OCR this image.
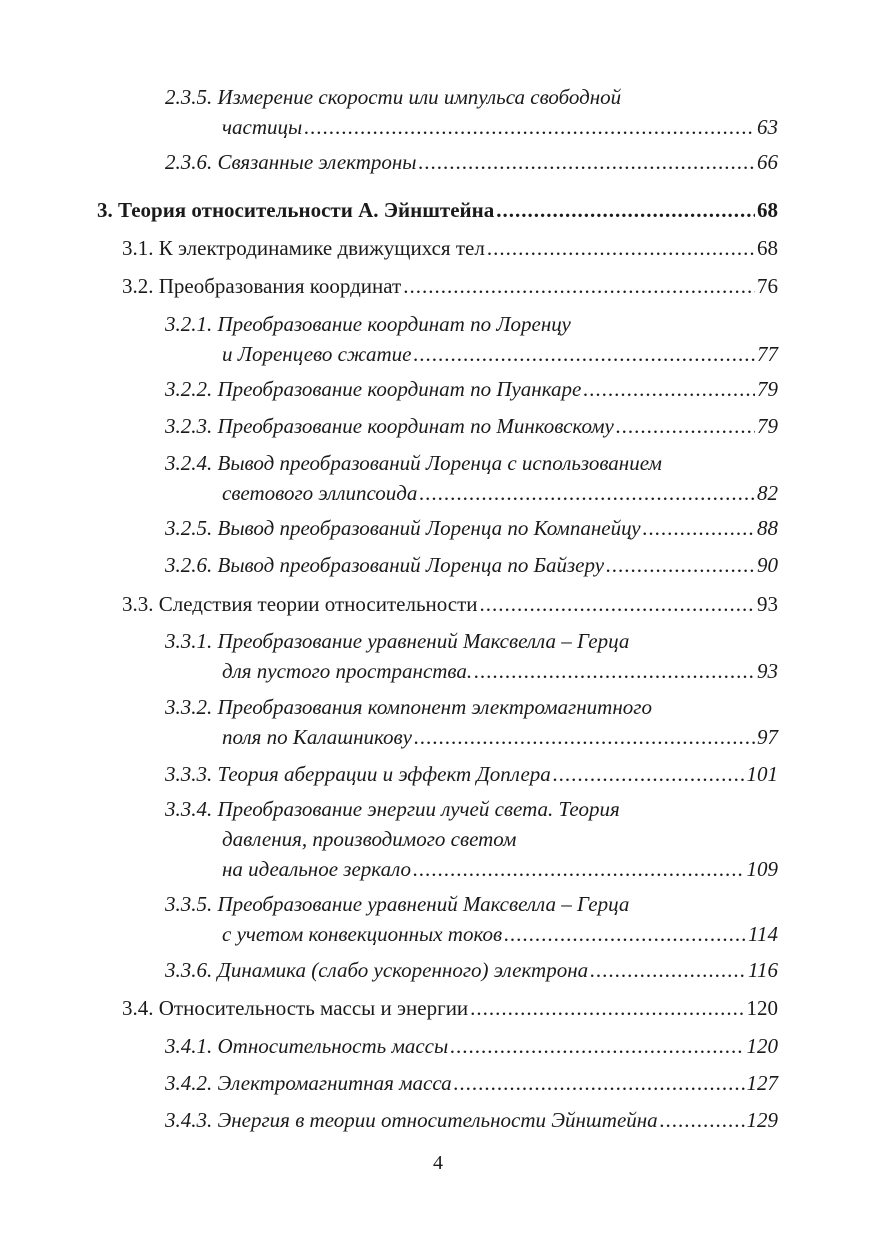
2.3.5. Измерение скорости или импульса свободной
частицы .....	63
2.3.6. Связанные электроны .....	66
3. Теория относительности А. Эйнштейна .....	68
3.1. К электродинамике движущихся тел .....	68
3.2. Преобразования координат .....	76
3.2.1. Преобразование координат по Лоренцу
и Лоренцево сжатие .....	77
3.2.2. Преобразование координат по Пуанкаре .....	79
3.2.3. Преобразование координат по Минковскому .....	79
3.2.4. Вывод преобразований Лоренца с использованием
светового эллипсоида .....	82
3.2.5. Вывод преобразований Лоренца по Компанейцу .....	88
3.2.6. Вывод преобразований Лоренца по Байзеру .....	90
3.3. Следствия теории относительности .....	93
3.3.1. Преобразование уравнений Максвелла – Герца
для пустого пространства. .....	93
3.3.2. Преобразования компонент электромагнитного
поля по Калашникову .....	97
3.3.3. Теория аберрации и эффект Доплера .....	101
3.3.4. Преобразование энергии лучей света. Теория
давления, производимого светом
на идеальное зеркало .....	109
3.3.5. Преобразование уравнений Максвелла – Герца
с учетом конвекционных токов .....	114
3.3.6. Динамика (слабо ускоренного) электрона .....	116
3.4. Относительность массы и энергии .....	120
3.4.1. Относительность массы .....	120
3.4.2. Электромагнитная масса .....	127
3.4.3. Энергия в теории относительности Эйнштейна .....	129
4
